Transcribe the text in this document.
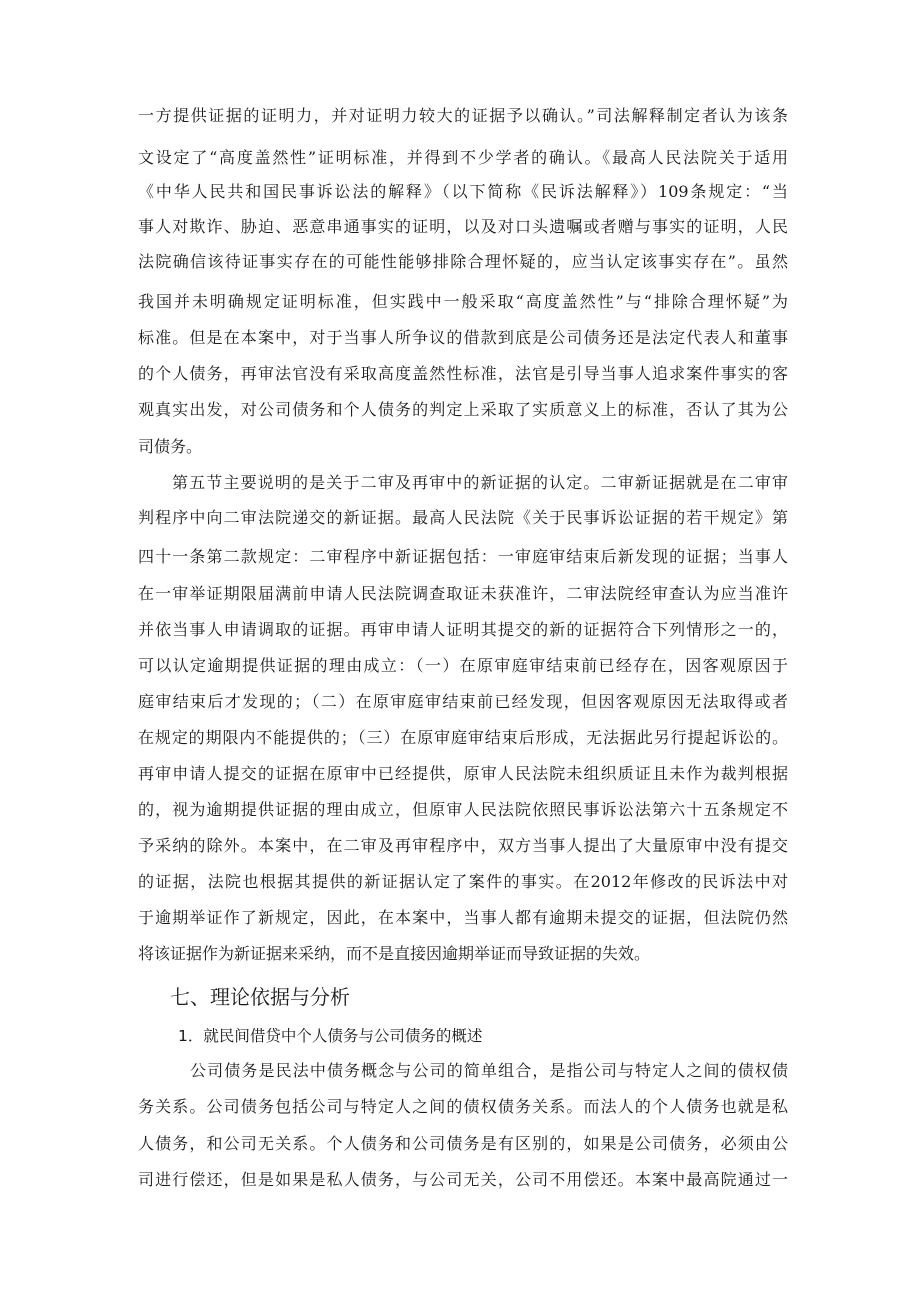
一方提供证据的证明力，并对证明力较大的证据予以确认。”司法解释制定者认为该条
文设定了“高度盖然性”证明标准，并得到不少学者的确认。《最高人民法院关于适用
《中华人民共和国民事诉讼法的解释》（以下简称《民诉法解释》）109条规定：“当
事人对欺诈、胁迫、恶意串通事实的证明，以及对口头遗嘱或者赠与事实的证明，人民
法院确信该待证事实存在的可能性能够排除合理怀疑的，应当认定该事实存在”。虽然
我国并未明确规定证明标准，但实践中一般采取“高度盖然性”与“排除合理怀疑”为
标准。但是在本案中，对于当事人所争议的借款到底是公司债务还是法定代表人和董事
的个人债务，再审法官没有采取高度盖然性标准，法官是引导当事人追求案件事实的客
观真实出发，对公司债务和个人债务的判定上采取了实质意义上的标准，否认了其为公
司债务。
第五节主要说明的是关于二审及再审中的新证据的认定。二审新证据就是在二审审
判程序中向二审法院递交的新证据。最高人民法院《关于民事诉讼证据的若干规定》第
四十一条第二款规定：二审程序中新证据包括：一审庭审结束后新发现的证据；当事人
在一审举证期限届满前申请人民法院调查取证未获准许，二审法院经审查认为应当准许
并依当事人申请调取的证据。再审申请人证明其提交的新的证据符合下列情形之一的，
可以认定逾期提供证据的理由成立：（一）在原审庭审结束前已经存在，因客观原因于
庭审结束后才发现的；（二）在原审庭审结束前已经发现，但因客观原因无法取得或者
在规定的期限内不能提供的；（三）在原审庭审结束后形成，无法据此另行提起诉讼的。
再审申请人提交的证据在原审中已经提供，原审人民法院未组织质证且未作为裁判根据
的，视为逾期提供证据的理由成立，但原审人民法院依照民事诉讼法第六十五条规定不
予采纳的除外。本案中，在二审及再审程序中，双方当事人提出了大量原审中没有提交
的证据，法院也根据其提供的新证据认定了案件的事实。在2012年修改的民诉法中对
于逾期举证作了新规定，因此，在本案中，当事人都有逾期未提交的证据，但法院仍然
将该证据作为新证据来采纳，而不是直接因逾期举证而导致证据的失效。
七、理论依据与分析
1．就民间借贷中个人债务与公司债务的概述
公司债务是民法中债务概念与公司的简单组合，是指公司与特定人之间的债权债
务关系。公司债务包括公司与特定人之间的债权债务关系。而法人的个人债务也就是私
人债务，和公司无关系。个人债务和公司债务是有区别的，如果是公司债务，必须由公
司进行偿还，但是如果是私人债务，与公司无关，公司不用偿还。本案中最高院通过一
